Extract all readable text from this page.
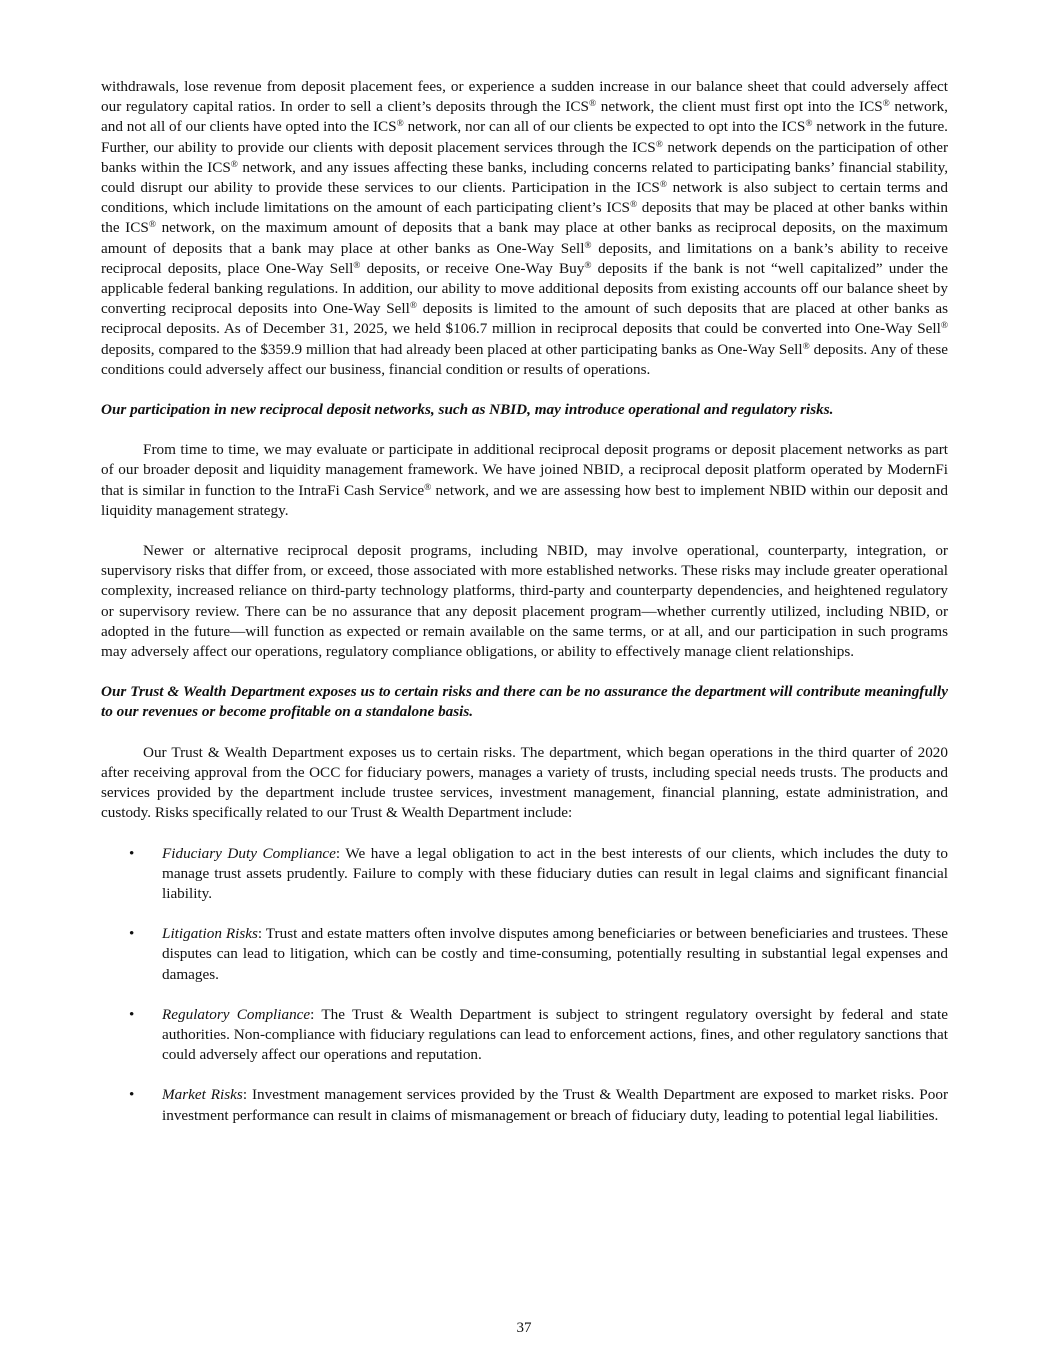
withdrawals, lose revenue from deposit placement fees, or experience a sudden increase in our balance sheet that could adversely affect our regulatory capital ratios. In order to sell a client’s deposits through the ICS® network, the client must first opt into the ICS® network, and not all of our clients have opted into the ICS® network, nor can all of our clients be expected to opt into the ICS® network in the future. Further, our ability to provide our clients with deposit placement services through the ICS® network depends on the participation of other banks within the ICS® network, and any issues affecting these banks, including concerns related to participating banks’ financial stability, could disrupt our ability to provide these services to our clients. Participation in the ICS® network is also subject to certain terms and conditions, which include limitations on the amount of each participating client’s ICS® deposits that may be placed at other banks within the ICS® network, on the maximum amount of deposits that a bank may place at other banks as reciprocal deposits, on the maximum amount of deposits that a bank may place at other banks as One-Way Sell® deposits, and limitations on a bank’s ability to receive reciprocal deposits, place One-Way Sell® deposits, or receive One-Way Buy® deposits if the bank is not “well capitalized” under the applicable federal banking regulations. In addition, our ability to move additional deposits from existing accounts off our balance sheet by converting reciprocal deposits into One-Way Sell® deposits is limited to the amount of such deposits that are placed at other banks as reciprocal deposits. As of December 31, 2025, we held $106.7 million in reciprocal deposits that could be converted into One-Way Sell® deposits, compared to the $359.9 million that had already been placed at other participating banks as One-Way Sell® deposits. Any of these conditions could adversely affect our business, financial condition or results of operations.

Our participation in new reciprocal deposit networks, such as NBID, may introduce operational and regulatory risks.

From time to time, we may evaluate or participate in additional reciprocal deposit programs or deposit placement networks as part of our broader deposit and liquidity management framework. We have joined NBID, a reciprocal deposit platform operated by ModernFi that is similar in function to the IntraFi Cash Service® network, and we are assessing how best to implement NBID within our deposit and liquidity management strategy.

Newer or alternative reciprocal deposit programs, including NBID, may involve operational, counterparty, integration, or supervisory risks that differ from, or exceed, those associated with more established networks. These risks may include greater operational complexity, increased reliance on third-party technology platforms, third-party and counterparty dependencies, and heightened regulatory or supervisory review. There can be no assurance that any deposit placement program—whether currently utilized, including NBID, or adopted in the future—will function as expected or remain available on the same terms, or at all, and our participation in such programs may adversely affect our operations, regulatory compliance obligations, or ability to effectively manage client relationships.

Our Trust & Wealth Department exposes us to certain risks and there can be no assurance the department will contribute meaningfully to our revenues or become profitable on a standalone basis.

Our Trust & Wealth Department exposes us to certain risks. The department, which began operations in the third quarter of 2020 after receiving approval from the OCC for fiduciary powers, manages a variety of trusts, including special needs trusts. The products and services provided by the department include trustee services, investment management, financial planning, estate administration, and custody. Risks specifically related to our Trust & Wealth Department include:

• Fiduciary Duty Compliance: We have a legal obligation to act in the best interests of our clients, which includes the duty to manage trust assets prudently. Failure to comply with these fiduciary duties can result in legal claims and significant financial liability.

• Litigation Risks: Trust and estate matters often involve disputes among beneficiaries or between beneficiaries and trustees. These disputes can lead to litigation, which can be costly and time-consuming, potentially resulting in substantial legal expenses and damages.

• Regulatory Compliance: The Trust & Wealth Department is subject to stringent regulatory oversight by federal and state authorities. Non-compliance with fiduciary regulations can lead to enforcement actions, fines, and other regulatory sanctions that could adversely affect our operations and reputation.

• Market Risks: Investment management services provided by the Trust & Wealth Department are exposed to market risks. Poor investment performance can result in claims of mismanagement or breach of fiduciary duty, leading to potential legal liabilities.

37
